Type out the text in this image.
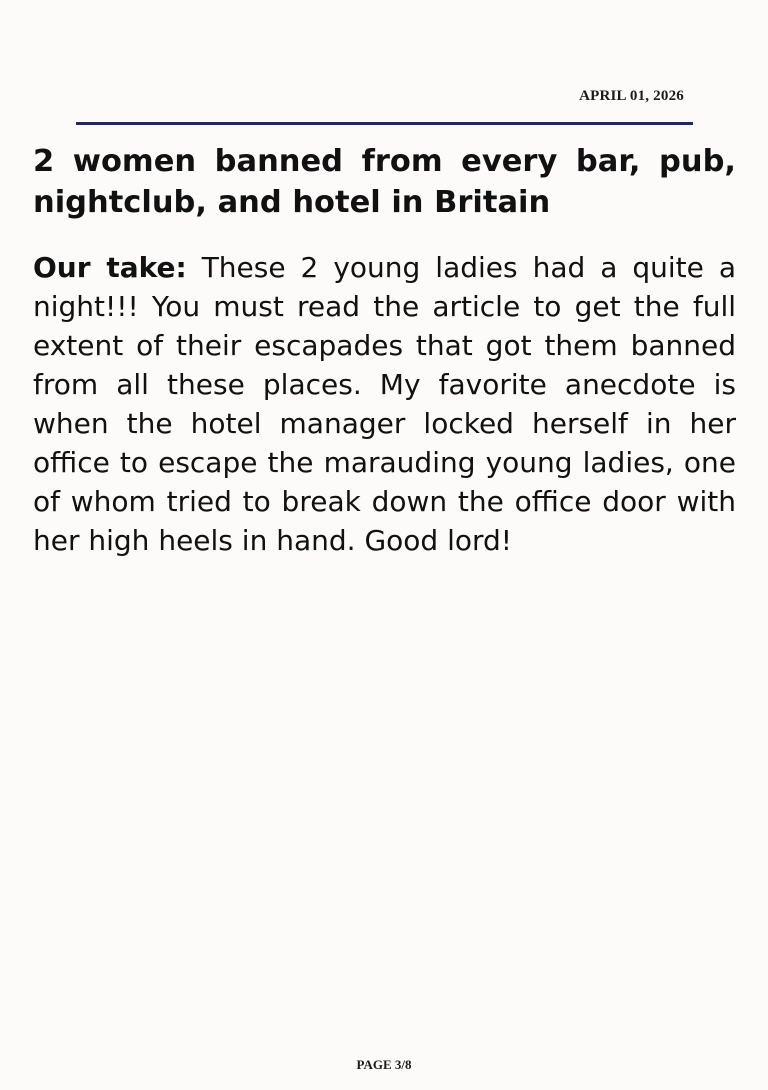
APRIL 01, 2026
2 women banned from every bar, pub, nightclub, and hotel in Britain

Our take: These 2 young ladies had a quite a night!!! You must read the article to get the full extent of their escapades that got them banned from all these places. My favorite anecdote is when the hotel manager locked herself in her office to escape the marauding young ladies, one of whom tried to break down the office door with her high heels in hand. Good lord!

PAGE 3/8
